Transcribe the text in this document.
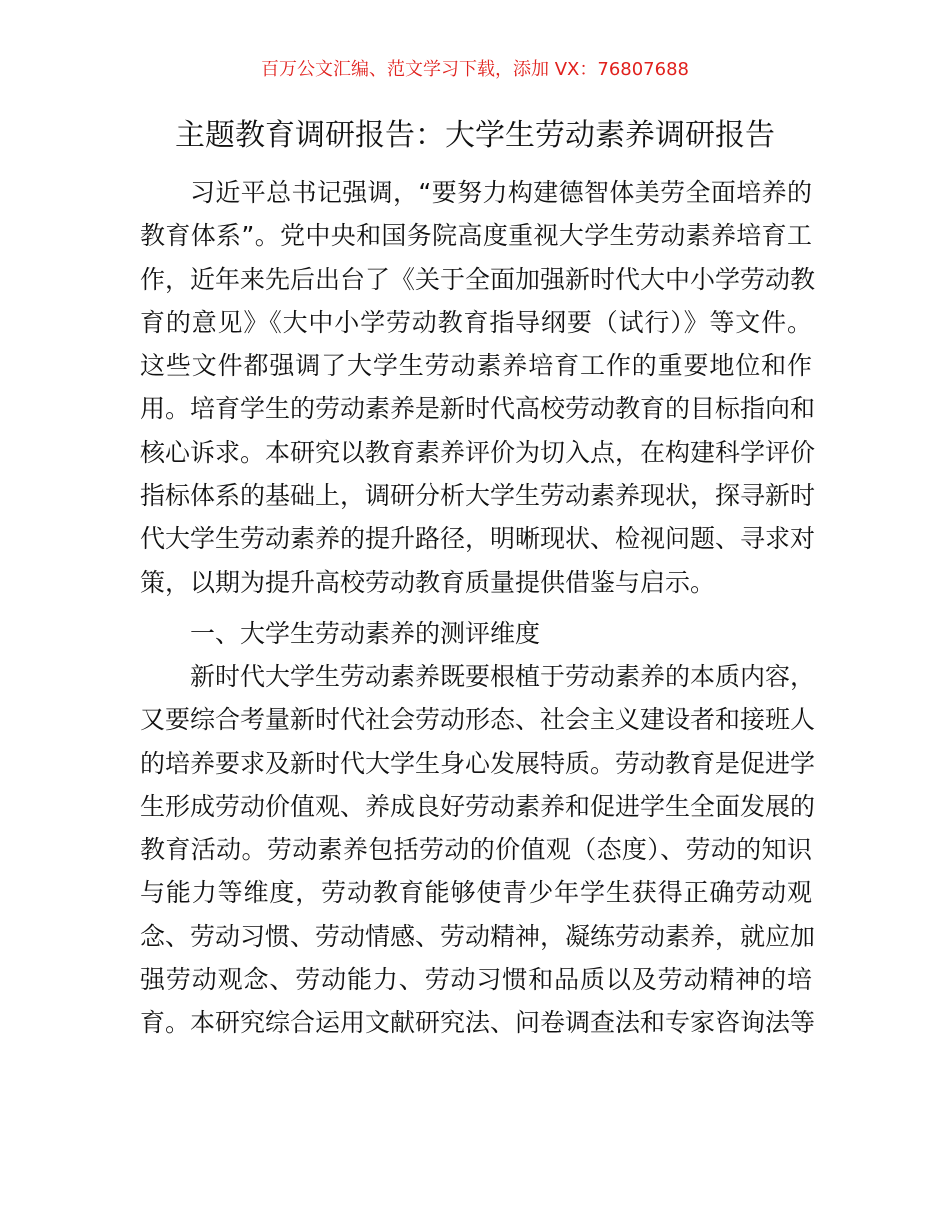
百万公文汇编、范文学习下载，添加 VX：76807688
主题教育调研报告：大学生劳动素养调研报告
习近平总书记强调，“要努力构建德智体美劳全面培养的
教育体系”。党中央和国务院高度重视大学生劳动素养培育工
作，近年来先后出台了《关于全面加强新时代大中小学劳动教
育的意见》《大中小学劳动教育指导纲要（试行）》等文件。
这些文件都强调了大学生劳动素养培育工作的重要地位和作
用。培育学生的劳动素养是新时代高校劳动教育的目标指向和
核心诉求。本研究以教育素养评价为切入点，在构建科学评价
指标体系的基础上，调研分析大学生劳动素养现状，探寻新时
代大学生劳动素养的提升路径，明晰现状、检视问题、寻求对
策，以期为提升高校劳动教育质量提供借鉴与启示。
一、大学生劳动素养的测评维度
新时代大学生劳动素养既要根植于劳动素养的本质内容，
又要综合考量新时代社会劳动形态、社会主义建设者和接班人
的培养要求及新时代大学生身心发展特质。劳动教育是促进学
生形成劳动价值观、养成良好劳动素养和促进学生全面发展的
教育活动。劳动素养包括劳动的价值观（态度）、劳动的知识
与能力等维度，劳动教育能够使青少年学生获得正确劳动观
念、劳动习惯、劳动情感、劳动精神，凝练劳动素养，就应加
强劳动观念、劳动能力、劳动习惯和品质以及劳动精神的培
育。本研究综合运用文献研究法、问卷调查法和专家咨询法等
